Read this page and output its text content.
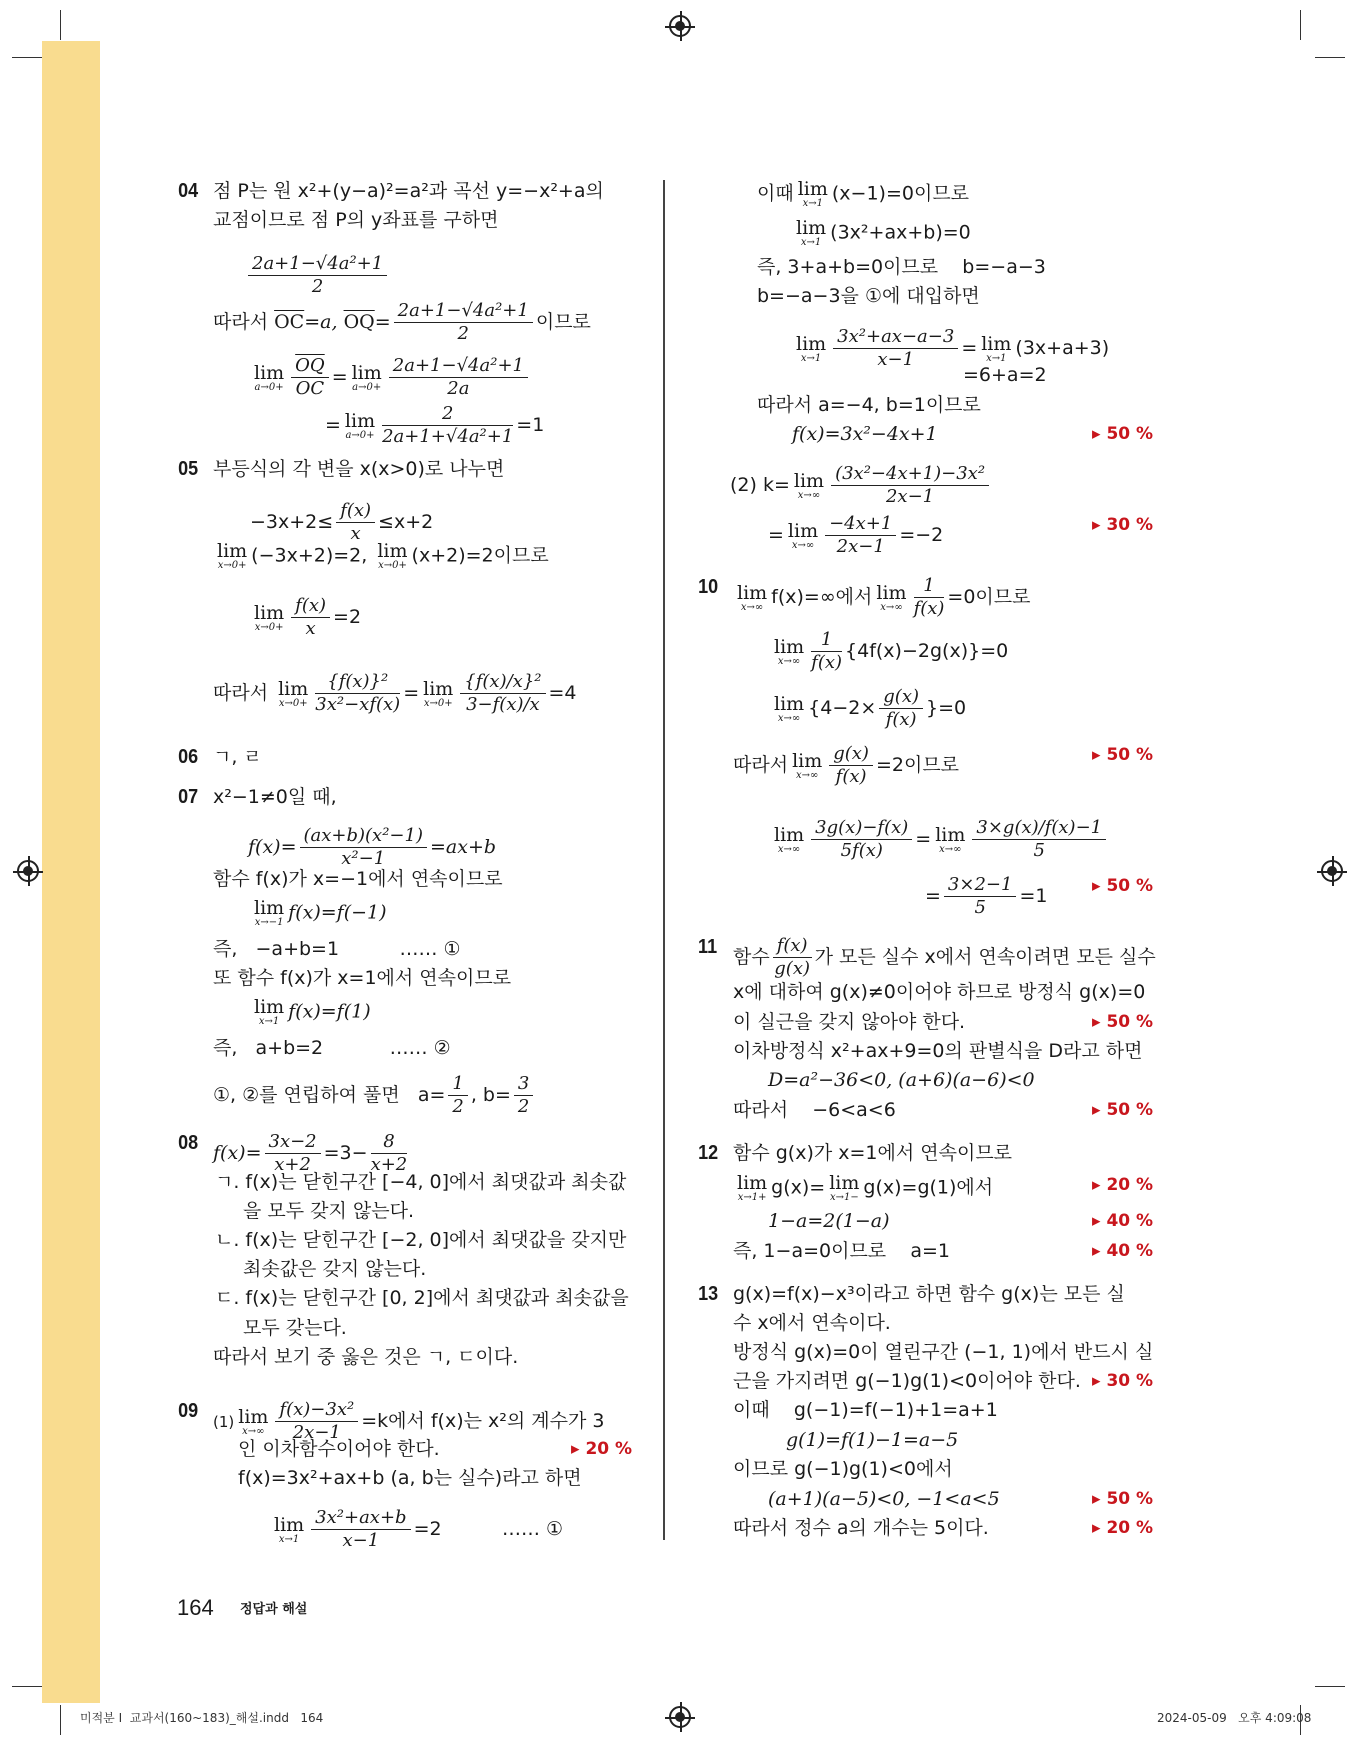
04 점 P는 원 x²+(y−a)²=a²과 곡선 y=−x²+a의
교점이므로 점 P의 y좌표를 구하면
$\frac{\text{2a+1−√4a²+1}}{2}$
따라서 $\overline{OC}=a$, $\overline{OQ}= \frac{\text{2a+1−√4a²+1}}{2}$ 이므로
lim
$a\to 0+ \frac{\overline{OQ}}{OC} = \lim$
$a\to 0+ \frac{\text{2a+1−√4a²+1}}{2a}$
= lim
$a\to 0+ \frac{2}{\text{2a+1+√4a²+1}} =1$
05 부등식의 각 변을 x(x>0)로 나누면
$-3x+2\le \frac{f(x)}{x} \le x+2$
lim
x→0+ (−3x+2)=2, lim
x→0+ (x+2)=2이므로
lim
$x\to 0+ \frac{f(x)}{x} =2$
따라서 lim
$x\to 0+ \frac{\text{\{f(x)\}²}}{\text{3x²−xf(x)}} = \lim$
$x\to 0+ \frac{\text{\{f(x)/x\}²}}{3-f(x)/x} =4$
06 ㄱ, ㄹ
07 x²−1≠0일 때,
$f(x)= \frac{\text{(ax+b)(x²−1)}}{\text{x²−1}} =ax+b$
함수 f(x)가 x=−1에서 연속이므로
lim
x→−1 f(x)=f(−1)
즉,   −a+b=1          …… ①
또 함수 f(x)가 x=1에서 연속이므로
lim
x→1 f(x)=f(1)
즉,   a+b=2           …… ②
①, ②를 연립하여 풀면   $a= \frac{1}{2}$ , $b= \frac{3}{2}$
08 $f(x)= \frac{3x-2}{x+2} =3- \frac{8}{x+2}$
ㄱ. f(x)는 닫힌구간 [−4, 0]에서 최댓값과 최솟값
을 모두 갖지 않는다.
ㄴ. f(x)는 닫힌구간 [−2, 0]에서 최댓값을 갖지만
최솟값은 갖지 않는다.
ㄷ. f(x)는 닫힌구간 [0, 2]에서 최댓값과 최솟값을
모두 갖는다.
따라서 보기 중 옳은 것은 ㄱ, ㄷ이다.
09 (1) lim
$x\to\infty \frac{\text{f(x)−3x²}}{2x-1} =k$에서 f(x)는 x²의 계수가 3
인 이차함수이어야 한다.	▸ 20 %
f(x)=3x²+ax+b (a, b는 실수)라고 하면
lim
$x\to 1 \frac{\text{3x²+ax+b}}{x-1} =2$          …… ①
이때 lim
x→1 (x−1)=0이므로
lim
x→1 (3x²+ax+b)=0
즉, 3+a+b=0이므로    b=−a−3
b=−a−3을 ①에 대입하면
lim
$x\to 1 \frac{\text{3x²+ax−a−3}}{x-1} = \lim$
x→1 (3x+a+3)
=6+a=2
따라서 a=−4, b=1이므로
f(x)=3x²−4x+1	▸ 50 %
(2) k= lim
$x\to\infty \frac{\text{(3x²−4x+1)−3x²}}{2x-1}$
= lim
$x\to\infty \frac{-4x+1}{2x-1} =-2$	▸ 30 %
10 lim
x→∞ f(x)=∞에서 lim
$x\to\infty \frac{1}{f(x)} =0$이므로
lim
$x\to\infty \frac{1}{f(x)} \{4f(x)-2g(x)\}=0$
lim
x→∞ $\{4-2\times \frac{g(x)}{f(x)} \}=0$
따라서 lim
$x\to\infty \frac{g(x)}{f(x)} =2$이므로	▸ 50 %
lim
$x\to\infty \frac{3g(x)-f(x)}{5f(x)} = \lim$
$x\to\infty \frac{3\times g(x)/f(x)-1}{5}$
= $\frac{3\times 2-1}{5} =1$	▸ 50 %
11 함수 $\frac{f(x)}{g(x)}$ 가 모든 실수 x에서 연속이려면 모든 실수
x에 대하여 g(x)≠0이어야 하므로 방정식 g(x)=0
이 실근을 갖지 않아야 한다.	▸ 50 %
이차방정식 x²+ax+9=0의 판별식을 D라고 하면
D=a²−36<0, (a+6)(a−6)<0
따라서    −6<a<6	▸ 50 %
12 함수 g(x)가 x=1에서 연속이므로
lim
x→1+ g(x)= lim
x→1− g(x)=g(1)에서	▸ 20 %
1−a=2(1−a)	▸ 40 %
즉, 1−a=0이므로    a=1	▸ 40 %
13 g(x)=f(x)−x³이라고 하면 함수 g(x)는 모든 실
수 x에서 연속이다.
방정식 g(x)=0이 열린구간 (−1, 1)에서 반드시 실
근을 가지려면 g(−1)g(1)<0이어야 한다. ▸ 30 %
이때    g(−1)=f(−1)+1=a+1
g(1)=f(1)−1=a−5
이므로 g(−1)g(1)<0에서
(a+1)(a−5)<0, −1<a<5	▸ 50 %
따라서 정수 a의 개수는 5이다.	▸ 20 %
164 정답과 해설
미적분 Ⅰ  교과서(160~183)_해설.indd   164	2024-05-09   오후 4:09:08
